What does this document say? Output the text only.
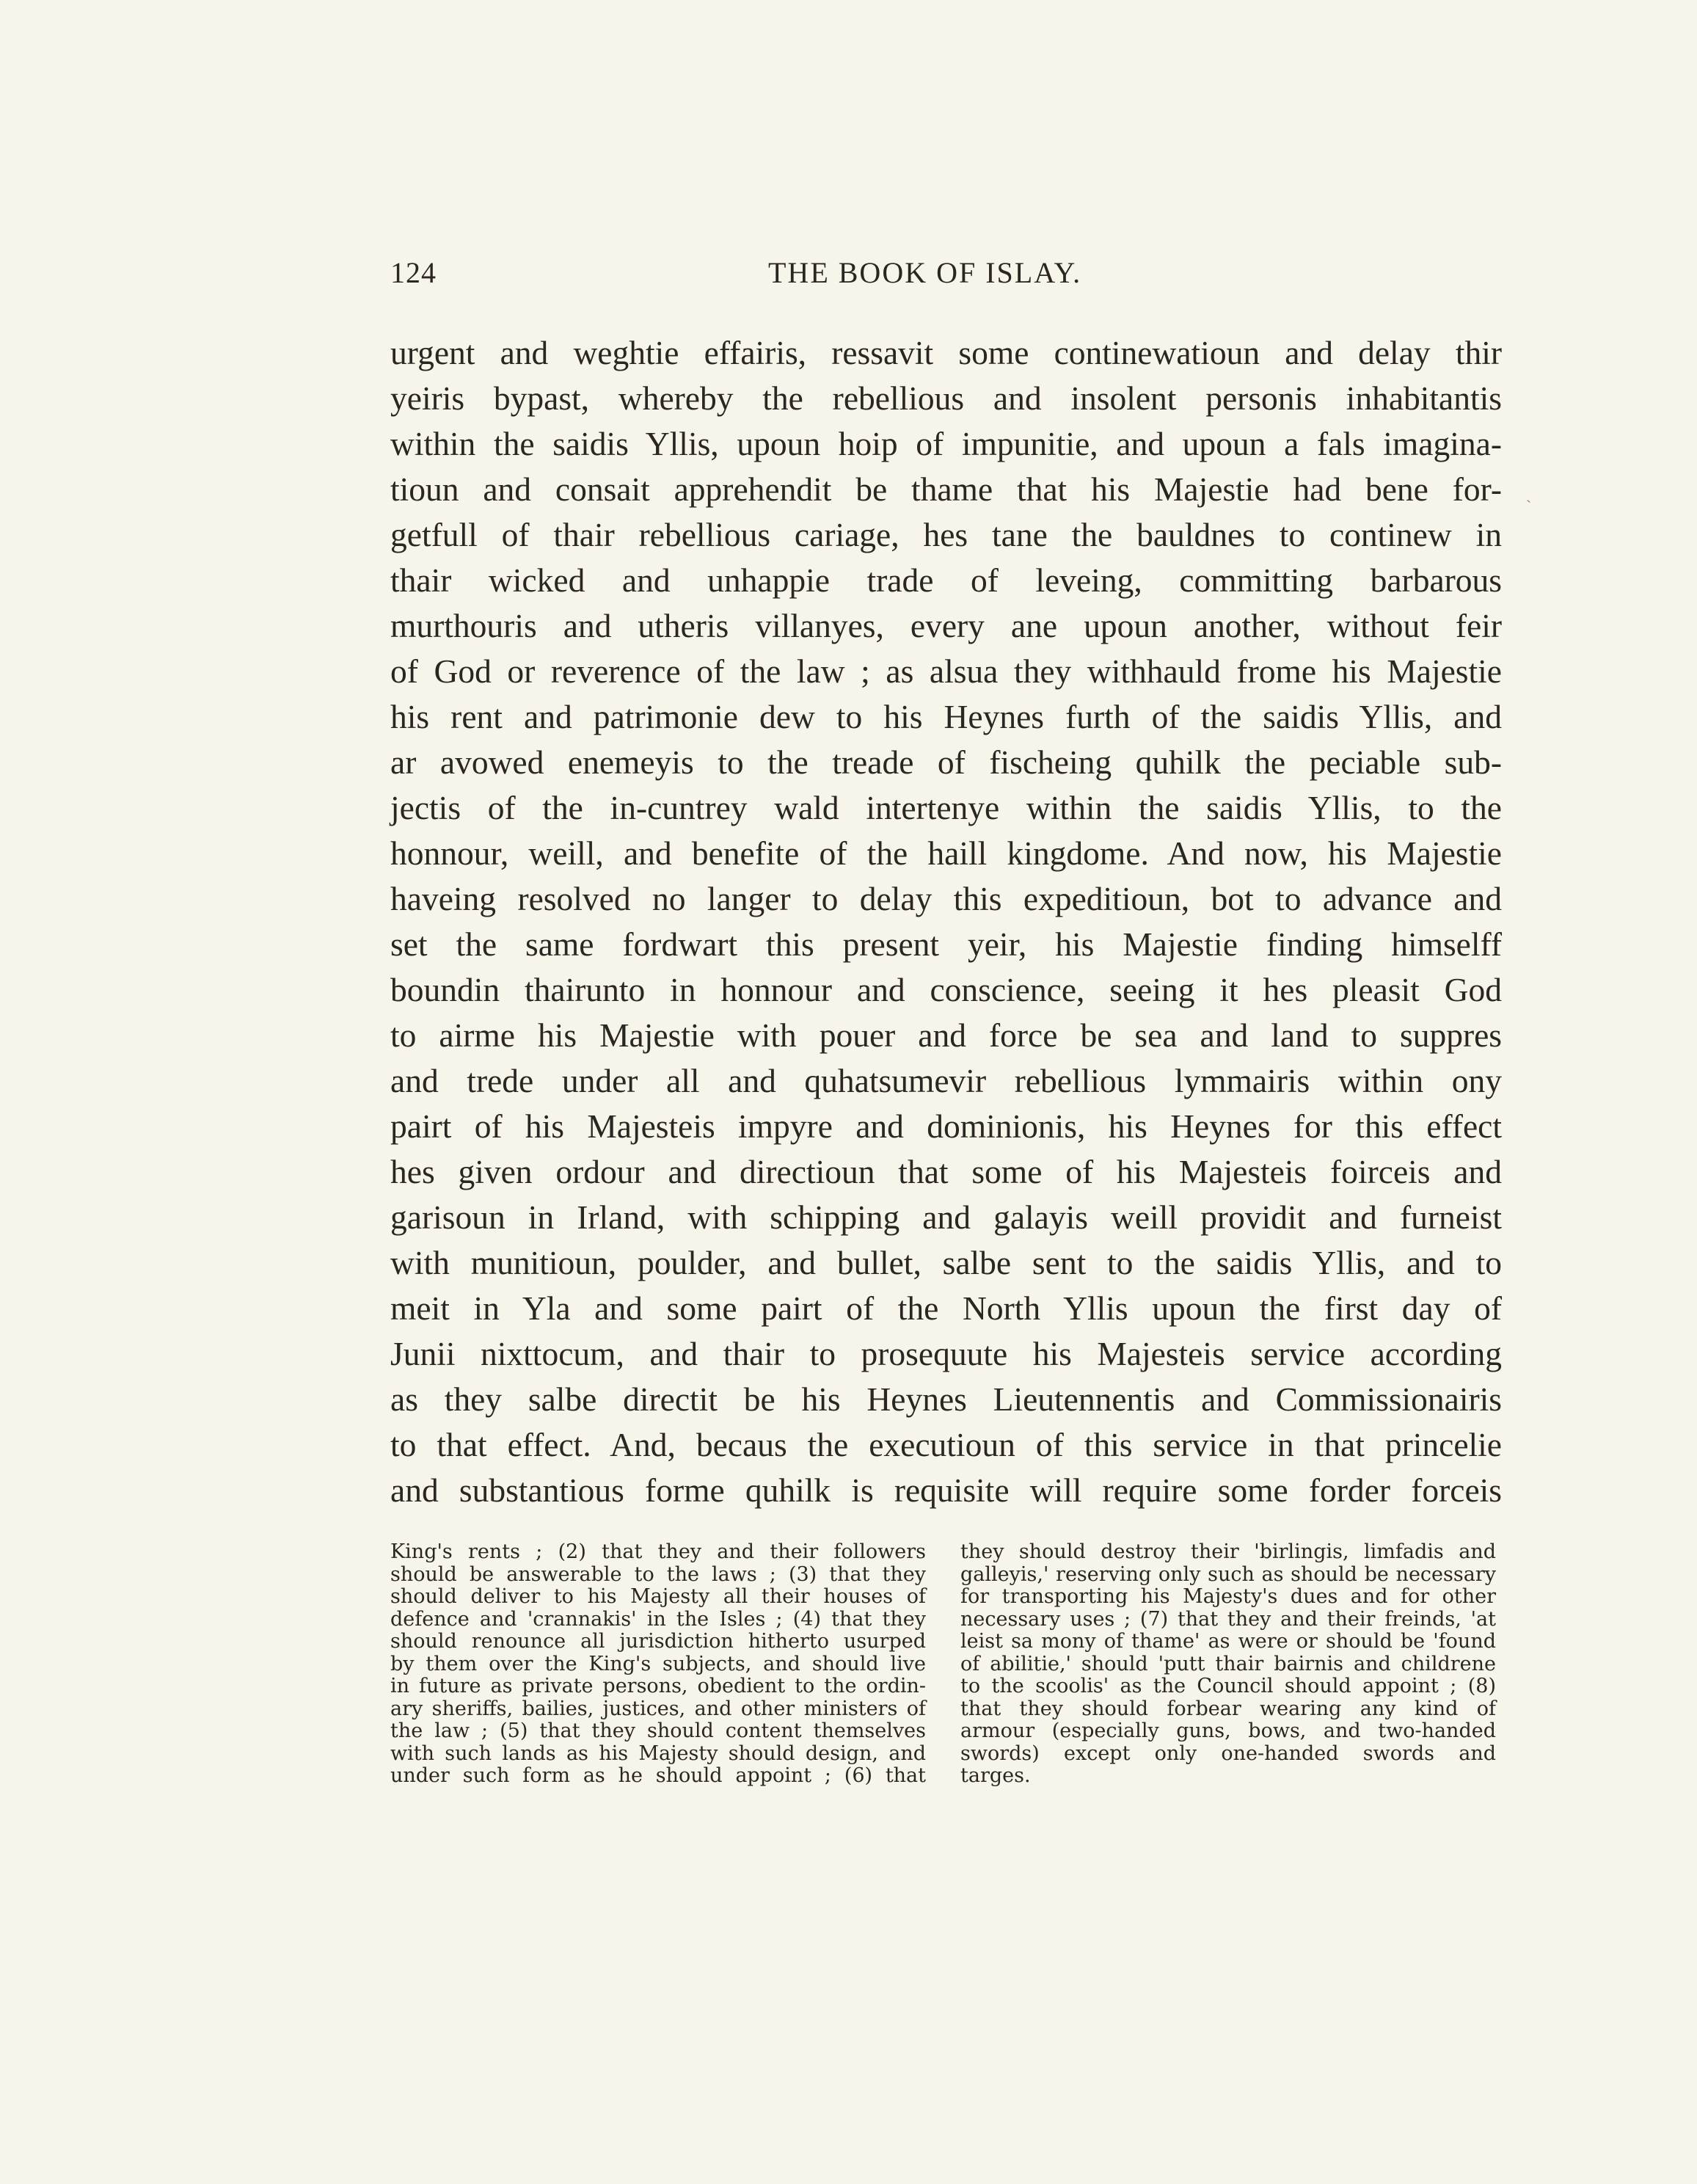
124	THE BOOK OF ISLAY.
urgent and weghtie effairis, ressavit some continewatioun and delay thir
yeiris bypast, whereby the rebellious and insolent personis inhabitantis
within the saidis Yllis, upoun hoip of impunitie, and upoun a fals imagina-
tioun and consait apprehendit be thame that his Majestie had bene for-
getfull of thair rebellious cariage, hes tane the bauldnes to continew in
thair wicked and unhappie trade of leveing, committing barbarous
murthouris and utheris villanyes, every ane upoun another, without feir
of God or reverence of the law ; as alsua they withhauld frome his Majestie
his rent and patrimonie dew to his Heynes furth of the saidis Yllis, and
ar avowed enemeyis to the treade of fischeing quhilk the peciable sub-
jectis of the in-cuntrey wald intertenye within the saidis Yllis, to the
honnour, weill, and benefite of the haill kingdome. And now, his Majestie
haveing resolved no langer to delay this expeditioun, bot to advance and
set the same fordwart this present yeir, his Majestie finding himselff
boundin thairunto in honnour and conscience, seeing it hes pleasit God
to airme his Majestie with pouer and force be sea and land to suppres
and trede under all and quhatsumevir rebellious lymmairis within ony
pairt of his Majesteis impyre and dominionis, his Heynes for this effect
hes given ordour and directioun that some of his Majesteis foirceis and
garisoun in Irland, with schipping and galayis weill providit and furneist
with munitioun, poulder, and bullet, salbe sent to the saidis Yllis, and to
meit in Yla and some pairt of the North Yllis upoun the first day of
Junii nixttocum, and thair to prosequute his Majesteis service according
as they salbe directit be his Heynes Lieutennentis and Commissionairis
to that effect. And, becaus the executioun of this service in that princelie
and substantious forme quhilk is requisite will require some forder forceis
ˏ
King's rents ; (2) that they and their followers
should be answerable to the laws ; (3) that they
should deliver to his Majesty all their houses of
defence and 'crannakis' in the Isles ; (4) that they
should renounce all jurisdiction hitherto usurped
by them over the King's subjects, and should live
in future as private persons, obedient to the ordin-
ary sheriffs, bailies, justices, and other ministers of
the law ; (5) that they should content themselves
with such lands as his Majesty should design, and
under such form as he should appoint ; (6) that
they should destroy their 'birlingis, limfadis and
galleyis,' reserving only such as should be necessary
for transporting his Majesty's dues and for other
necessary uses ; (7) that they and their freinds, 'at
leist sa mony of thame' as were or should be 'found
of abilitie,' should 'putt thair bairnis and childrene
to the scoolis' as the Council should appoint ; (8)
that they should forbear wearing any kind of
armour (especially guns, bows, and two-handed
swords) except only one-handed swords and
targes.
